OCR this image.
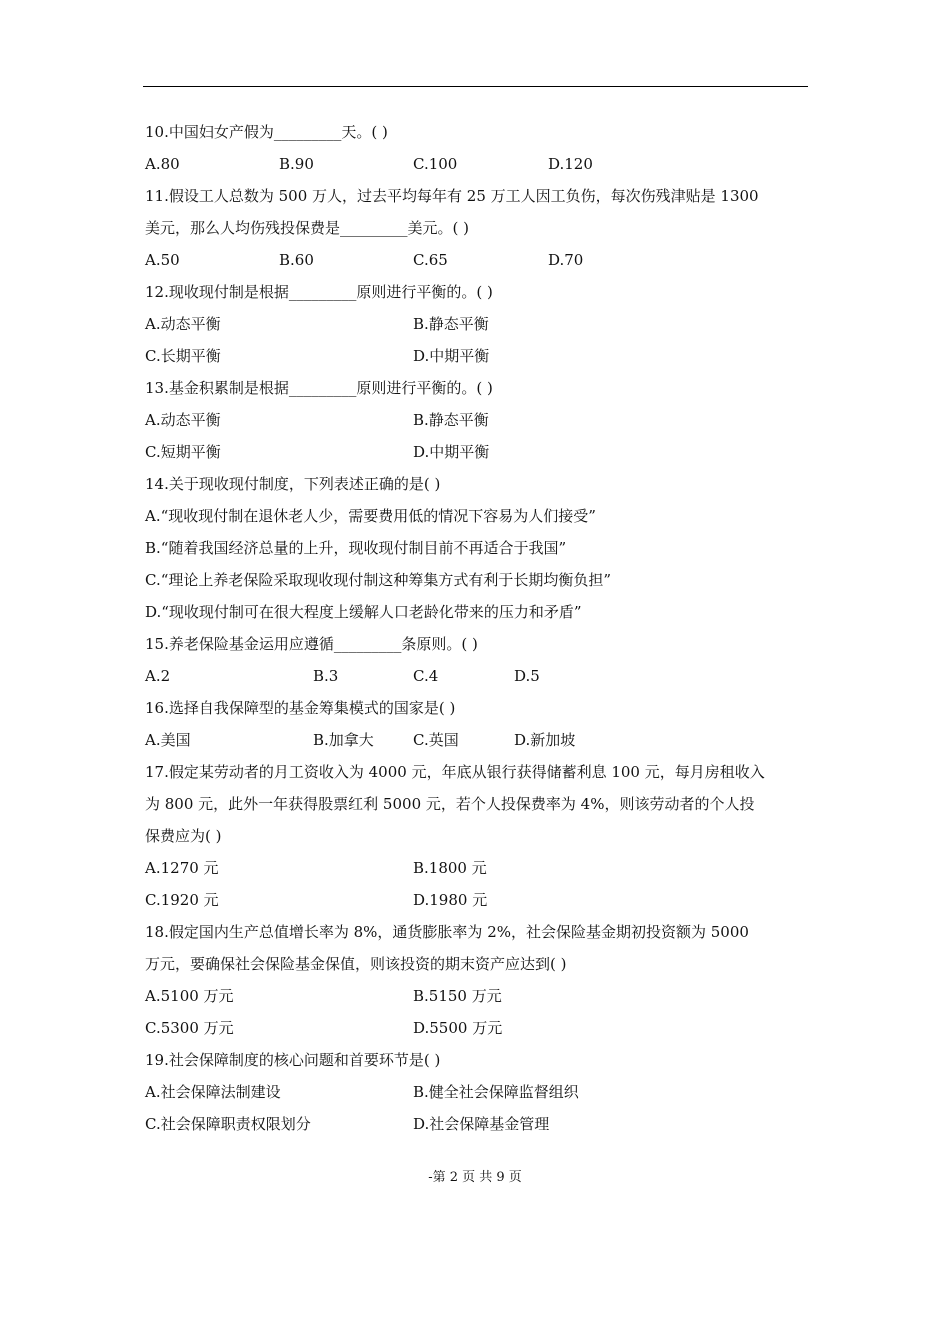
10.中国妇女产假为_________天。( )
A.80	B.90	C.100	D.120
11.假设工人总数为 500 万人，过去平均每年有 25 万工人因工负伤，每次伤残津贴是 1300
美元，那么人均伤残投保费是_________美元。( )
A.50	B.60	C.65	D.70
12.现收现付制是根据_________原则进行平衡的。( )
A.动态平衡	B.静态平衡
C.长期平衡	D.中期平衡
13.基金积累制是根据_________原则进行平衡的。( )
A.动态平衡	B.静态平衡
C.短期平衡	D.中期平衡
14.关于现收现付制度，下列表述正确的是( )
A.“现收现付制在退休老人少，需要费用低的情况下容易为人们接受”
B.“随着我国经济总量的上升，现收现付制目前不再适合于我国”
C.“理论上养老保险采取现收现付制这种筹集方式有利于长期均衡负担”
D.“现收现付制可在很大程度上缓解人口老龄化带来的压力和矛盾”
15.养老保险基金运用应遵循_________条原则。( )
A.2	B.3	C.4	D.5
16.选择自我保障型的基金筹集模式的国家是( )
A.美国	B.加拿大	C.英国	D.新加坡
17.假定某劳动者的月工资收入为 4000 元，年底从银行获得储蓄利息 100 元，每月房租收入
为 800 元，此外一年获得股票红利 5000 元，若个人投保费率为 4%，则该劳动者的个人投
保费应为( )
A.1270 元	B.1800 元
C.1920 元	D.1980 元
18.假定国内生产总值增长率为 8%，通货膨胀率为 2%，社会保险基金期初投资额为 5000
万元，要确保社会保险基金保值，则该投资的期末资产应达到( )
A.5100 万元	B.5150 万元
C.5300 万元	D.5500 万元
19.社会保障制度的核心问题和首要环节是( )
A.社会保障法制建设	B.健全社会保障监督组织
C.社会保障职责权限划分	D.社会保障基金管理
-第 2 页 共 9 页
